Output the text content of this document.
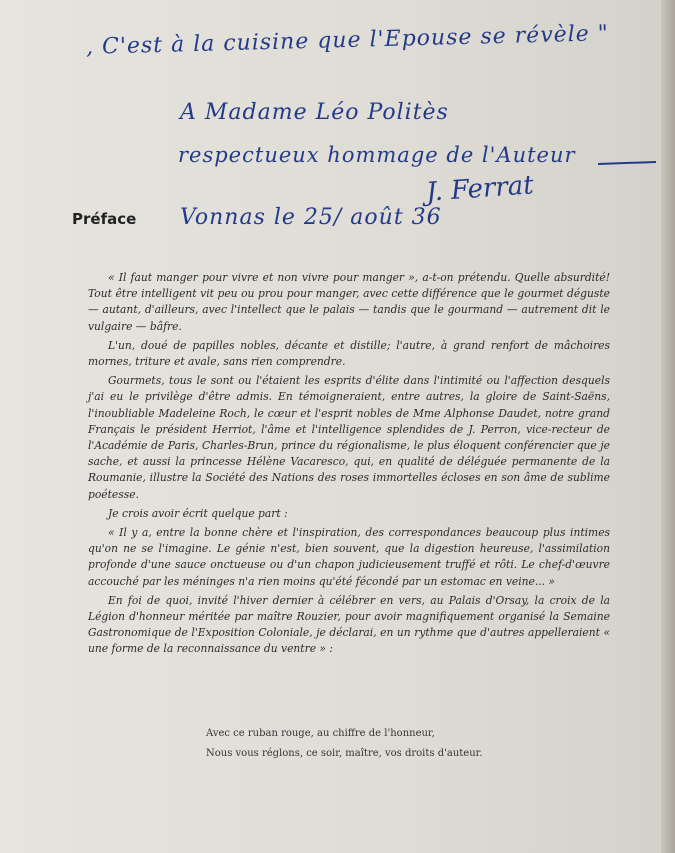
, C'est à la cuisine que l'Epouse se révèle "
A Madame Léo Politès
respectueux hommage de l'Auteur
J. Ferrat
Vonnas le 25/ août 36
Préface

« Il faut manger pour vivre et non vivre pour manger », a-t-on prétendu. Quelle absurdité! Tout être intelligent vit peu ou prou pour manger, avec cette différence que le gourmet déguste — autant, d'ailleurs, avec l'intellect que le palais — tandis que le gourmand — autrement dit le vulgaire — bâfre.

L'un, doué de papilles nobles, décante et distille; l'autre, à grand renfort de mâchoires mornes, triture et avale, sans rien comprendre.

Gourmets, tous le sont ou l'étaient les esprits d'élite dans l'intimité ou l'affection desquels j'ai eu le privilège d'être admis. En témoigneraient, entre autres, la gloire de Saint-Saëns, l'inoubliable Madeleine Roch, le cœur et l'esprit nobles de Mme Alphonse Daudet, notre grand Français le président Herriot, l'âme et l'intelligence splendides de J. Perron, vice-recteur de l'Académie de Paris, Charles-Brun, prince du régionalisme, le plus éloquent conférencier que je sache, et aussi la princesse Hélène Vacaresco, qui, en qualité de déléguée permanente de la Roumanie, illustre la Société des Nations des roses immortelles écloses en son âme de sublime poétesse.

Je crois avoir écrit quelque part :

« Il y a, entre la bonne chère et l'inspiration, des correspondances beaucoup plus intimes qu'on ne se l'imagine. Le génie n'est, bien souvent, que la digestion heureuse, l'assimilation profonde d'une sauce onctueuse ou d'un chapon judicieusement truffé et rôti. Le chef-d'œuvre accouché par les méninges n'a rien moins qu'été fécondé par un estomac en veine... »

En foi de quoi, invité l'hiver dernier à célébrer en vers, au Palais d'Orsay, la croix de la Légion d'honneur méritée par maître Rouzier, pour avoir magnifiquement organisé la Semaine Gastronomique de l'Exposition Coloniale, je déclarai, en un rythme que d'autres appelleraient « une forme de la reconnaissance du ventre » :

Avec ce ruban rouge, au chiffre de l'honneur,
Nous vous réglons, ce soir, maître, vos droits d'auteur.
